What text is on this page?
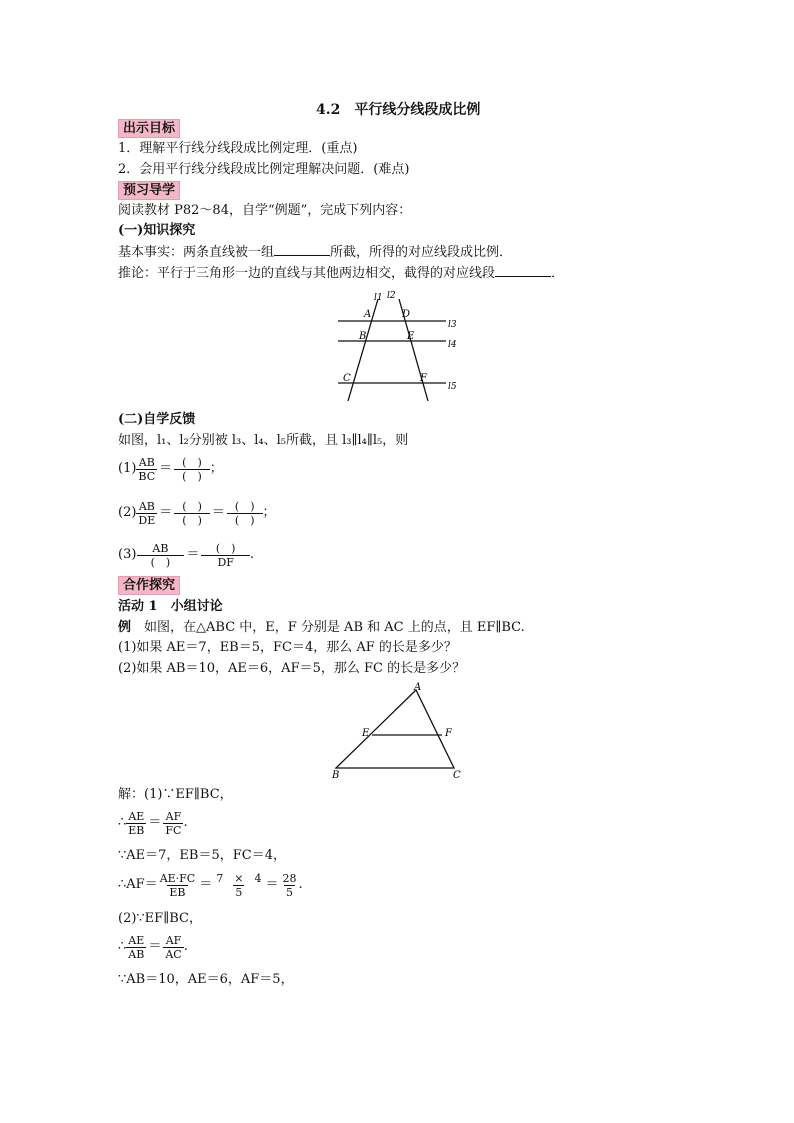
4.2　平行线分线段成比例
出示目标
1．理解平行线分线段成比例定理．(重点)
2．会用平行线分线段成比例定理解决问题．(难点)
预习导学
阅读教材 P82～84，自学“例题”，完成下列内容：
(一)知识探究
基本事实：两条直线被一组	所截，所得的对应线段成比例．
推论：平行于三角形一边的直线与其他两边相交，截得的对应线段	．
l1 l2
l3
l4
l5
A	D
B	E
C	F
(二)自学反馈
如图，l₁、l₂分别被 l₃、l₄、l₅所截，且 l₃∥l₄∥l₅，则
$(1) \frac{AB}{BC} = \frac{( )}{( )}$ ；
$(2) \frac{AB}{DE} = \frac{( )}{( )} = \frac{( )}{( )}$ ；
$(3) \frac{AB}{( )} = \frac{( )}{DF}$ .
合作探究
活动 1　小组讨论
例　如图，在△ABC 中，E，F 分别是 AB 和 AC 上的点，且 EF∥BC.
(1)如果 AE＝7，EB＝5，FC＝4，那么 AF 的长是多少？
(2)如果 AB＝10，AE＝6，AF＝5，那么 FC 的长是多少？
A
E	F
B	C
解：(1)∵EF∥BC，
∴ $\frac{AE}{EB} = \frac{AF}{FC}$ .
∵AE＝7，EB＝5，FC＝4，
∴AF＝ $\frac{AE\cdot FC}{EB} = \frac{7 \times 4}{5} = \frac{28}{5}$ .
(2)∵EF∥BC，
∴ $\frac{AE}{AB} = \frac{AF}{AC}$ .
∵AB＝10，AE＝6，AF＝5，
